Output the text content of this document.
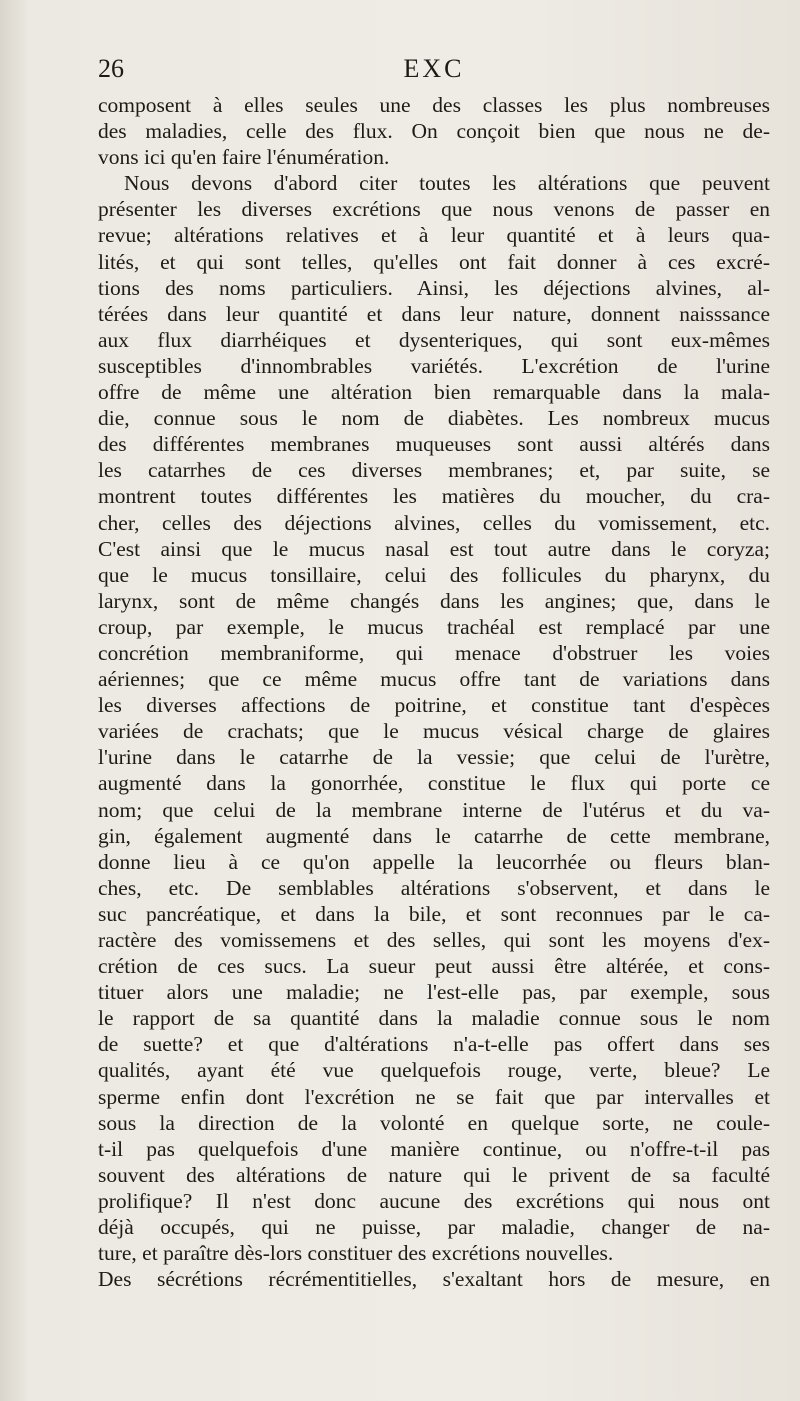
26	EXC
composent à elles seules une des classes les plus nombreuses
des maladies, celle des flux. On conçoit bien que nous ne de-
vons ici qu'en faire l'énumération.
Nous devons d'abord citer toutes les altérations que peuvent
présenter les diverses excrétions que nous venons de passer en
revue; altérations relatives et à leur quantité et à leurs qua-
lités, et qui sont telles, qu'elles ont fait donner à ces excré-
tions des noms particuliers. Ainsi, les déjections alvines, al-
térées dans leur quantité et dans leur nature, donnent naisssance
aux flux diarrhéiques et dysenteriques, qui sont eux-mêmes
susceptibles d'innombrables variétés. L'excrétion de l'urine
offre de même une altération bien remarquable dans la mala-
die, connue sous le nom de diabètes. Les nombreux mucus
des différentes membranes muqueuses sont aussi altérés dans
les catarrhes de ces diverses membranes; et, par suite, se
montrent toutes différentes les matières du moucher, du cra-
cher, celles des déjections alvines, celles du vomissement, etc.
C'est ainsi que le mucus nasal est tout autre dans le coryza;
que le mucus tonsillaire, celui des follicules du pharynx, du
larynx, sont de même changés dans les angines; que, dans le
croup, par exemple, le mucus trachéal est remplacé par une
concrétion membraniforme, qui menace d'obstruer les voies
aériennes; que ce même mucus offre tant de variations dans
les diverses affections de poitrine, et constitue tant d'espèces
variées de crachats; que le mucus vésical charge de glaires
l'urine dans le catarrhe de la vessie; que celui de l'urètre,
augmenté dans la gonorrhée, constitue le flux qui porte ce
nom; que celui de la membrane interne de l'utérus et du va-
gin, également augmenté dans le catarrhe de cette membrane,
donne lieu à ce qu'on appelle la leucorrhée ou fleurs blan-
ches, etc. De semblables altérations s'observent, et dans le
suc pancréatique, et dans la bile, et sont reconnues par le ca-
ractère des vomissemens et des selles, qui sont les moyens d'ex-
crétion de ces sucs. La sueur peut aussi être altérée, et cons-
tituer alors une maladie; ne l'est-elle pas, par exemple, sous
le rapport de sa quantité dans la maladie connue sous le nom
de suette? et que d'altérations n'a-t-elle pas offert dans ses
qualités, ayant été vue quelquefois rouge, verte, bleue? Le
sperme enfin dont l'excrétion ne se fait que par intervalles et
sous la direction de la volonté en quelque sorte, ne coule-
t-il pas quelquefois d'une manière continue, ou n'offre-t-il pas
souvent des altérations de nature qui le privent de sa faculté
prolifique? Il n'est donc aucune des excrétions qui nous ont
déjà occupés, qui ne puisse, par maladie, changer de na-
ture, et paraître dès-lors constituer des excrétions nouvelles.
Des sécrétions récrémentitielles, s'exaltant hors de mesure, en
